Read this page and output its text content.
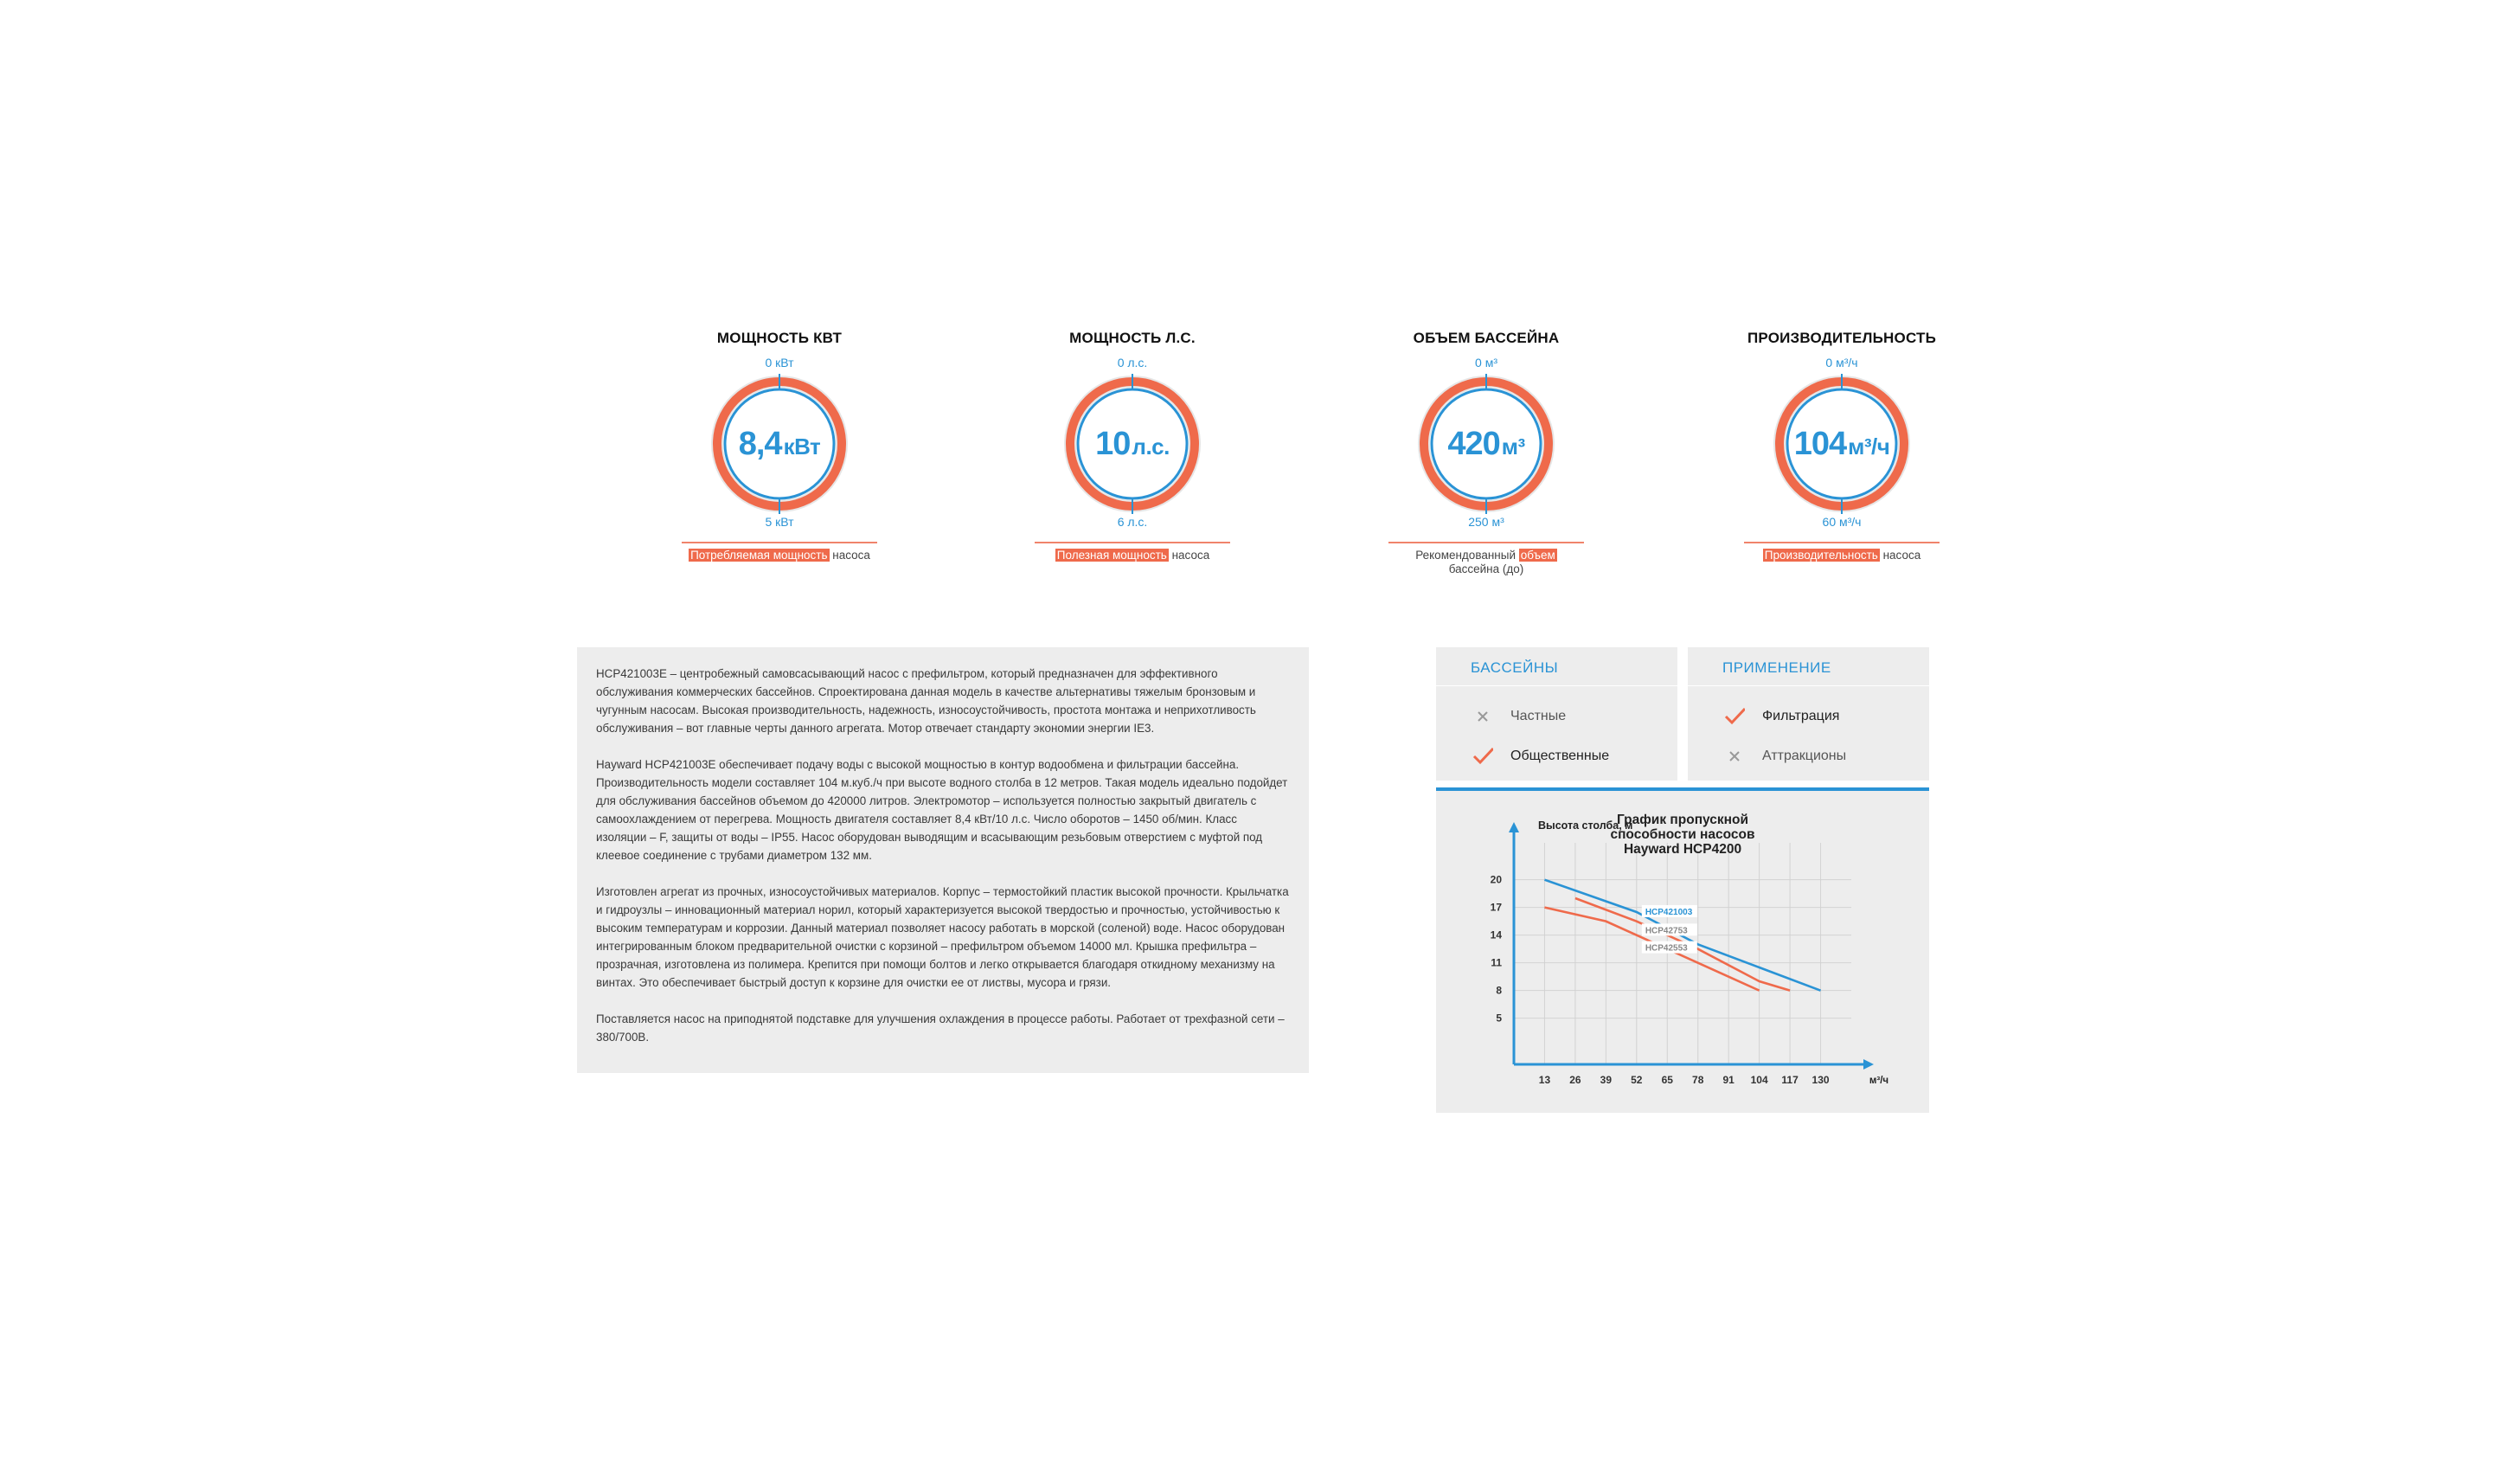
МОЩНОСТЬ КВТ
0 кВт
8,4кВт
5 кВт
Потребляемая мощность насоса
МОЩНОСТЬ Л.С.
0 л.с.
10л.с.
6 л.с.
Полезная мощность насоса
ОБЪЕМ БАССЕЙНА
0 м³
420м³
250 м³
Рекомендованный объем
бассейна (до)
ПРОИЗВОДИТЕЛЬНОСТЬ
0 м³/ч
104м³/ч
60 м³/ч
Производительность насоса

HCP421003E – центробежный самовсасывающий насос с префильтром, который предназначен для эффективного обслуживания коммерческих бассейнов. Спроектирована данная модель в качестве альтернативы тяжелым бронзовым и чугунным насосам. Высокая производительность, надежность, износоустойчивость, простота монтажа и неприхотливость обслуживания – вот главные черты данного агрегата. Мотор отвечает стандарту экономии энергии IE3.

Hayward HCP421003E обеспечивает подачу воды с высокой мощностью в контур водообмена и фильтрации бассейна. Производительность модели составляет 104 м.куб./ч при высоте водного столба в 12 метров. Такая модель идеально подойдет для обслуживания бассейнов объемом до 420000 литров. Электромотор – используется полностью закрытый двигатель с самоохлаждением от перегрева. Мощность двигателя составляет 8,4 кВт/10 л.с. Число оборотов – 1450 об/мин. Класс изоляции – F, защиты от воды – IP55. Насос оборудован выводящим и всасывающим резьбовым отверстием с муфтой под клеевое соединение с трубами диаметром 132 мм.

Изготовлен агрегат из прочных, износоустойчивых материалов. Корпус – термостойкий пластик высокой прочности. Крыльчатка и гидроузлы – инновационный материал норил, который характеризуется высокой твердостью и прочностью, устойчивостью к высоким температурам и коррозии. Данный материал позволяет насосу работать в морской (соленой) воде. Насос оборудован интегрированным блоком предварительной очистки с корзиной – префильтром объемом 14000 мл. Крышка префильтра – прозрачная, изготовлена из полимера. Крепится при помощи болтов и легко открывается благодаря откидному механизму на винтах. Это обеспечивает быстрый доступ к корзине для очистки ее от листвы, мусора и грязи.

Поставляется насос на приподнятой подставке для улучшения охлаждения в процессе работы. Работает от трехфазной сети – 380/700В.

БАССЕЙНЫ
Частные
Общественные
ПРИМЕНЕНИЕ
Фильтрация
Аттракционы
13 26 39 52 65 78 91 104 117 130
5
8
11
14
17
20
Высота столба, м
м³/ч
HCP421003
HCP42753
HCP42553
График пропускной способности насосов Hayward HCP4200
